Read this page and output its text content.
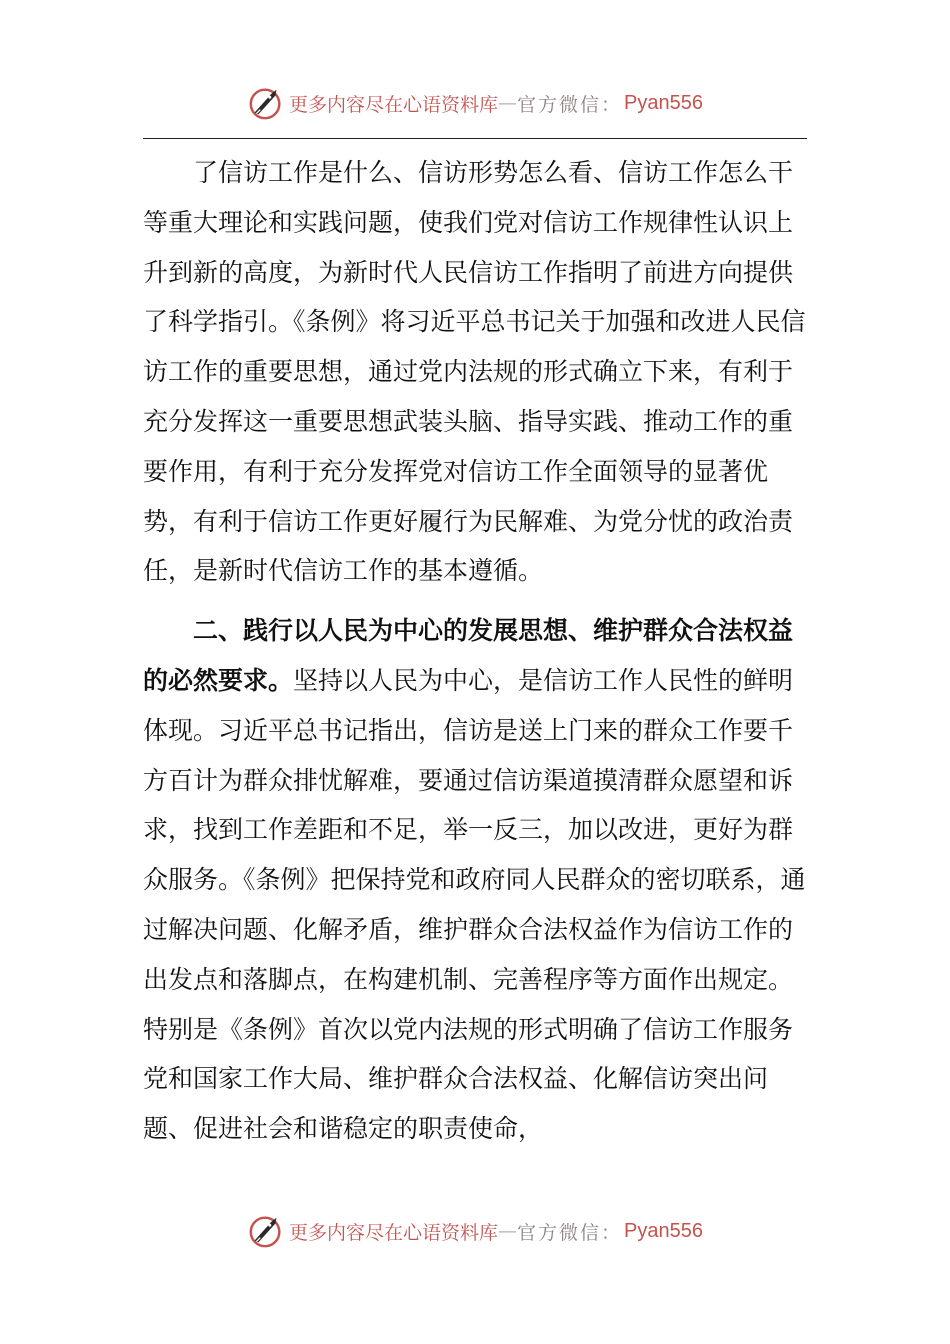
更多内容尽在心语资料库 — 官方微信： Pyan556

了信访工作是什么、信访形势怎么看、信访工作怎么干等重大理论和实践问题，使我们党对信访工作规律性认识上升到新的高度，为新时代人民信访工作指明了前进方向提供了科学指引。《条例》将习近平总书记关于加强和改进人民信访工作的重要思想，通过党内法规的形式确立下来，有利于充分发挥这一重要思想武装头脑、指导实践、推动工作的重要作用，有利于充分发挥党对信访工作全面领导的显著优势，有利于信访工作更好履行为民解难、为党分忧的政治责任，是新时代信访工作的基本遵循。

二、践行以人民为中心的发展思想、维护群众合法权益的必然要求。坚持以人民为中心，是信访工作人民性的鲜明体现。习近平总书记指出，信访是送上门来的群众工作要千方百计为群众排忧解难，要通过信访渠道摸清群众愿望和诉求，找到工作差距和不足，举一反三，加以改进，更好为群众服务。《条例》把保持党和政府同人民群众的密切联系，通过解决问题、化解矛盾，维护群众合法权益作为信访工作的出发点和落脚点，在构建机制、完善程序等方面作出规定。特别是《条例》首次以党内法规的形式明确了信访工作服务党和国家工作大局、维护群众合法权益、化解信访突出问题、促进社会和谐稳定的职责使命，

更多内容尽在心语资料库 — 官方微信： Pyan556
